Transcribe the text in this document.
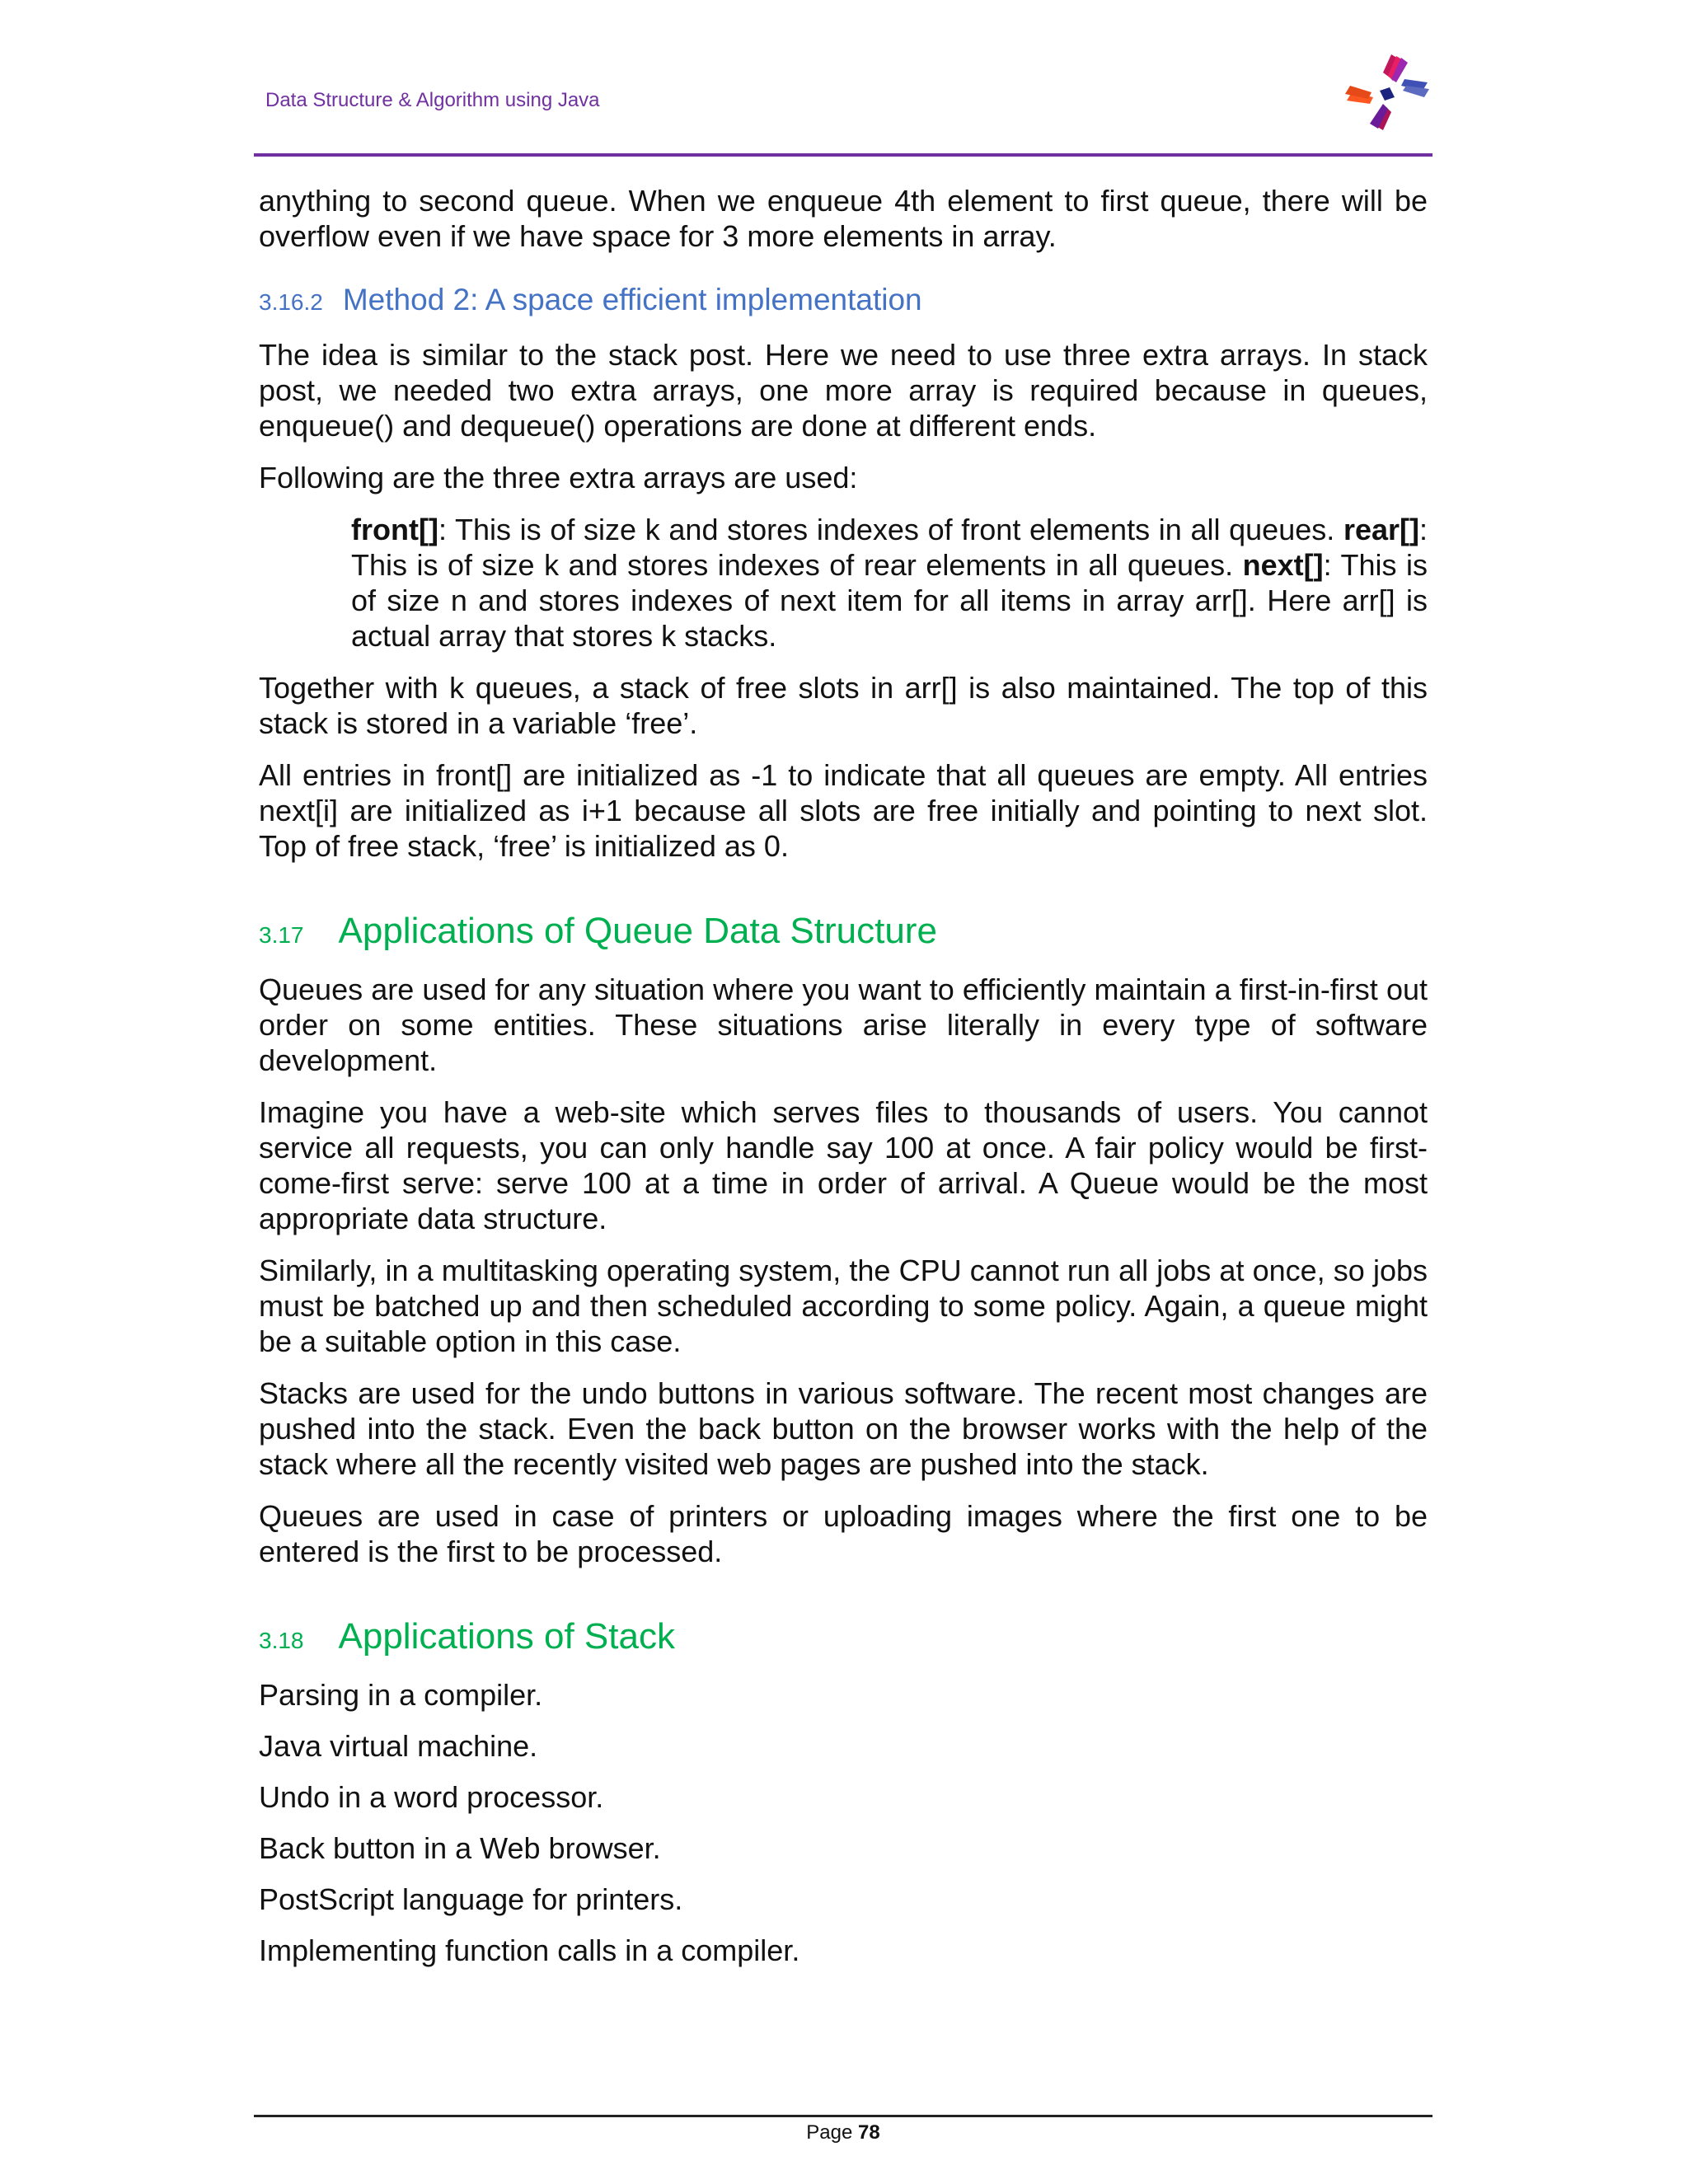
Data Structure & Algorithm using Java

anything to second queue. When we enqueue 4th element to first queue, there will be overflow even if we have space for 3 more elements in array.

3.16.2 Method 2: A space efficient implementation

The idea is similar to the stack post. Here we need to use three extra arrays. In stack post, we needed two extra arrays, one more array is required because in queues, enqueue() and dequeue() operations are done at different ends.

Following are the three extra arrays are used:

front[]: This is of size k and stores indexes of front elements in all queues. rear[]: This is of size k and stores indexes of rear elements in all queues. next[]: This is of size n and stores indexes of next item for all items in array arr[]. Here arr[] is actual array that stores k stacks.

Together with k queues, a stack of free slots in arr[] is also maintained. The top of this stack is stored in a variable ‘free’.

All entries in front[] are initialized as -1 to indicate that all queues are empty. All entries next[i] are initialized as i+1 because all slots are free initially and pointing to next slot. Top of free stack, ‘free’ is initialized as 0.

3.17 Applications of Queue Data Structure

Queues are used for any situation where you want to efficiently maintain a first-in-first out order on some entities. These situations arise literally in every type of software development.

Imagine you have a web-site which serves files to thousands of users. You cannot service all requests, you can only handle say 100 at once. A fair policy would be first-come-first serve: serve 100 at a time in order of arrival. A Queue would be the most appropriate data structure.

Similarly, in a multitasking operating system, the CPU cannot run all jobs at once, so jobs must be batched up and then scheduled according to some policy. Again, a queue might be a suitable option in this case.

Stacks are used for the undo buttons in various software. The recent most changes are pushed into the stack. Even the back button on the browser works with the help of the stack where all the recently visited web pages are pushed into the stack.

Queues are used in case of printers or uploading images where the first one to be entered is the first to be processed.

3.18 Applications of Stack
Parsing in a compiler.
Java virtual machine.
Undo in a word processor.
Back button in a Web browser.
PostScript language for printers.
Implementing function calls in a compiler.
Page 78
